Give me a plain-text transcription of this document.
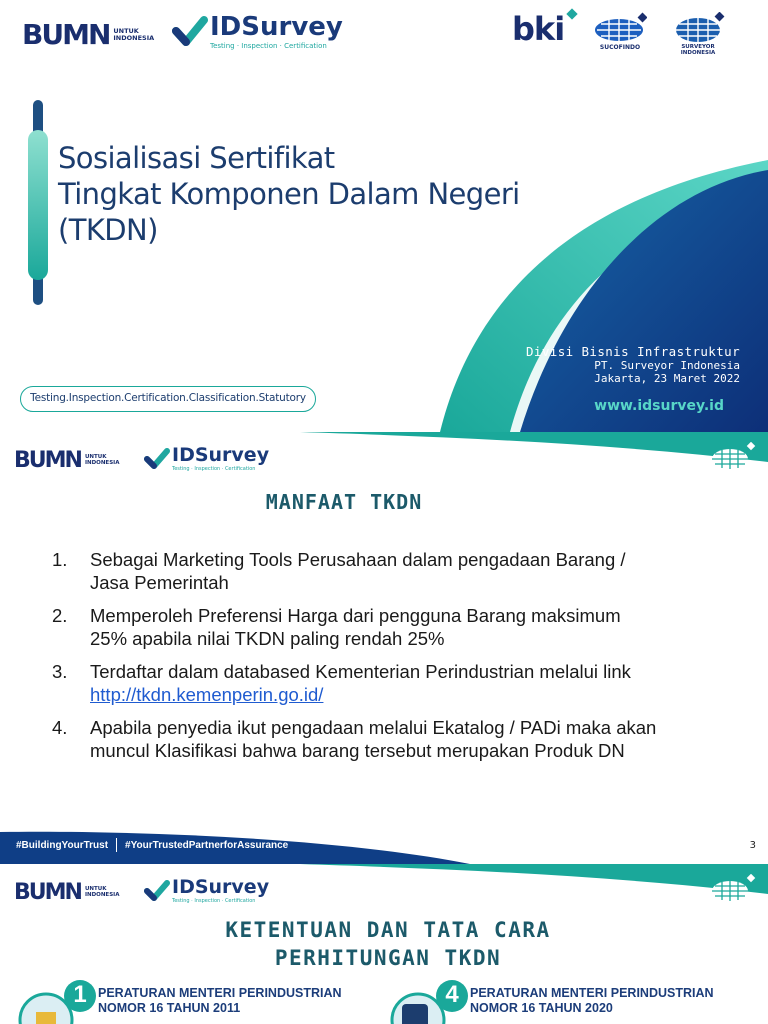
BUMN UNTUK
INDONESIA IDSurvey
Testing · Inspection · Certification	bki	SUCOFINDO	SURVEYOR INDONESIA
Sosialisasi Sertifikat
Tingkat Komponen Dalam Negeri
(TKDN)
Divisi Bisnis Infrastruktur
PT. Surveyor Indonesia
Jakarta, 23 Maret 2022
www.idsurvey.id
Testing.Inspection.Certification.Classification.Statutory
BUMN UNTUK
INDONESIA	IDSurvey
Testing · Inspection · Certification
SURVEYOR INDONESIA
MANFAAT TKDN
1.	Sebagai Marketing Tools Perusahaan dalam pengadaan Barang /
Jasa Pemerintah
2.	Memperoleh Preferensi Harga dari pengguna Barang maksimum
25% apabila nilai TKDN paling rendah 25%
3.	Terdaftar dalam databased Kementerian Perindustrian melalui link
http://tkdn.kemenperin.go.id/
4.	Apabila penyedia ikut pengadaan melalui Ekatalog / PADi maka akan
muncul Klasifikasi bahwa barang tersebut merupakan Produk DN
#BuildingYourTrust #YourTrustedPartnerforAssurance	3
BUMN UNTUK
INDONESIA	IDSurvey
Testing · Inspection · Certification
SURVEYOR INDONESIA
KETENTUAN DAN TATA CARA
PERHITUNGAN TKDN
1 PERATURAN MENTERI PERINDUSTRIAN
NOMOR 16 TAHUN 2011	4 PERATURAN MENTERI PERINDUSTRIAN
NOMOR 16 TAHUN 2020
